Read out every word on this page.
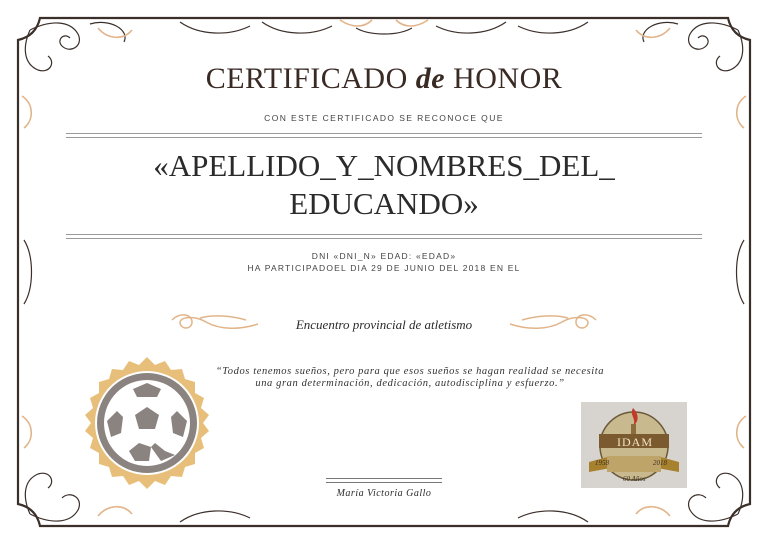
CERTIFICADO de HONOR
CON ESTE CERTIFICADO SE RECONOCE QUE
«APELLIDO_Y_NOMBRES_DEL_
EDUCANDO»
DNI «DNI_N» EDAD: «EDAD»
HA PARTICIPADOEL DIA 29 DE JUNIO DEL 2018 EN EL
Encuentro provincial de atletismo
“Todos tenemos sueños, pero para que esos sueños se hagan realidad se necesita una gran determinación, dedicación, autodisciplina y esfuerzo.”
IDAM
1958	2018
60 Años
María Victoria Gallo
